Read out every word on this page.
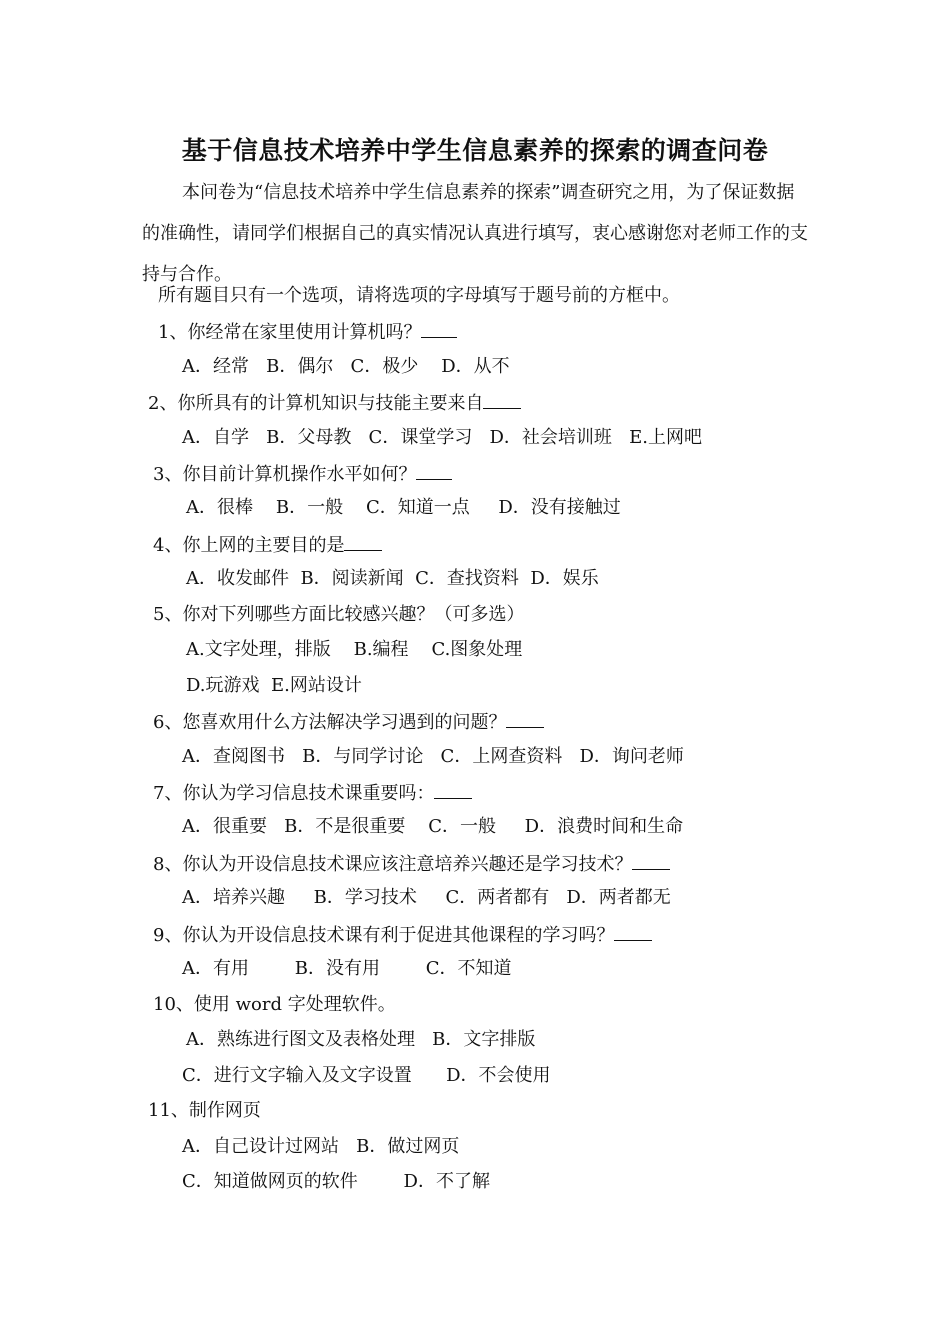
基于信息技术培养中学生信息素养的探索的调查问卷
本问卷为“信息技术培养中学生信息素养的探索”调查研究之用，为了保证数据的准确性，请同学们根据自己的真实情况认真进行填写，衷心感谢您对老师工作的支持与合作。
所有题目只有一个选项，请将选项的字母填写于题号前的方框中。
1、你经常在家里使用计算机吗？
A．经常   B．偶尔   C．极少    D．从不
2、你所具有的计算机知识与技能主要来自
A．自学   B．父母教   C．课堂学习   D．社会培训班   E.上网吧
3、你目前计算机操作水平如何？
A．很棒    B．一般    C．知道一点     D．没有接触过
4、你上网的主要目的是
A．收发邮件  B．阅读新闻  C．查找资料  D．娱乐
5、你对下列哪些方面比较感兴趣？（可多选）
A.文字处理，排版    B.编程    C.图象处理
D.玩游戏  E.网站设计
6、您喜欢用什么方法解决学习遇到的问题？
A．查阅图书   B．与同学讨论   C．上网查资料   D．询问老师
7、你认为学习信息技术课重要吗：
A．很重要   B．不是很重要    C．一般     D．浪费时间和生命
8、你认为开设信息技术课应该注意培养兴趣还是学习技术？
A．培养兴趣     B．学习技术     C．两者都有   D．两者都无
9、你认为开设信息技术课有利于促进其他课程的学习吗？
A．有用        B．没有用        C．不知道
10、使用 word 字处理软件。
A．熟练进行图文及表格处理   B．文字排版
C．进行文字输入及文字设置      D．不会使用
11、制作网页
A．自己设计过网站   B．做过网页
C．知道做网页的软件        D．不了解
